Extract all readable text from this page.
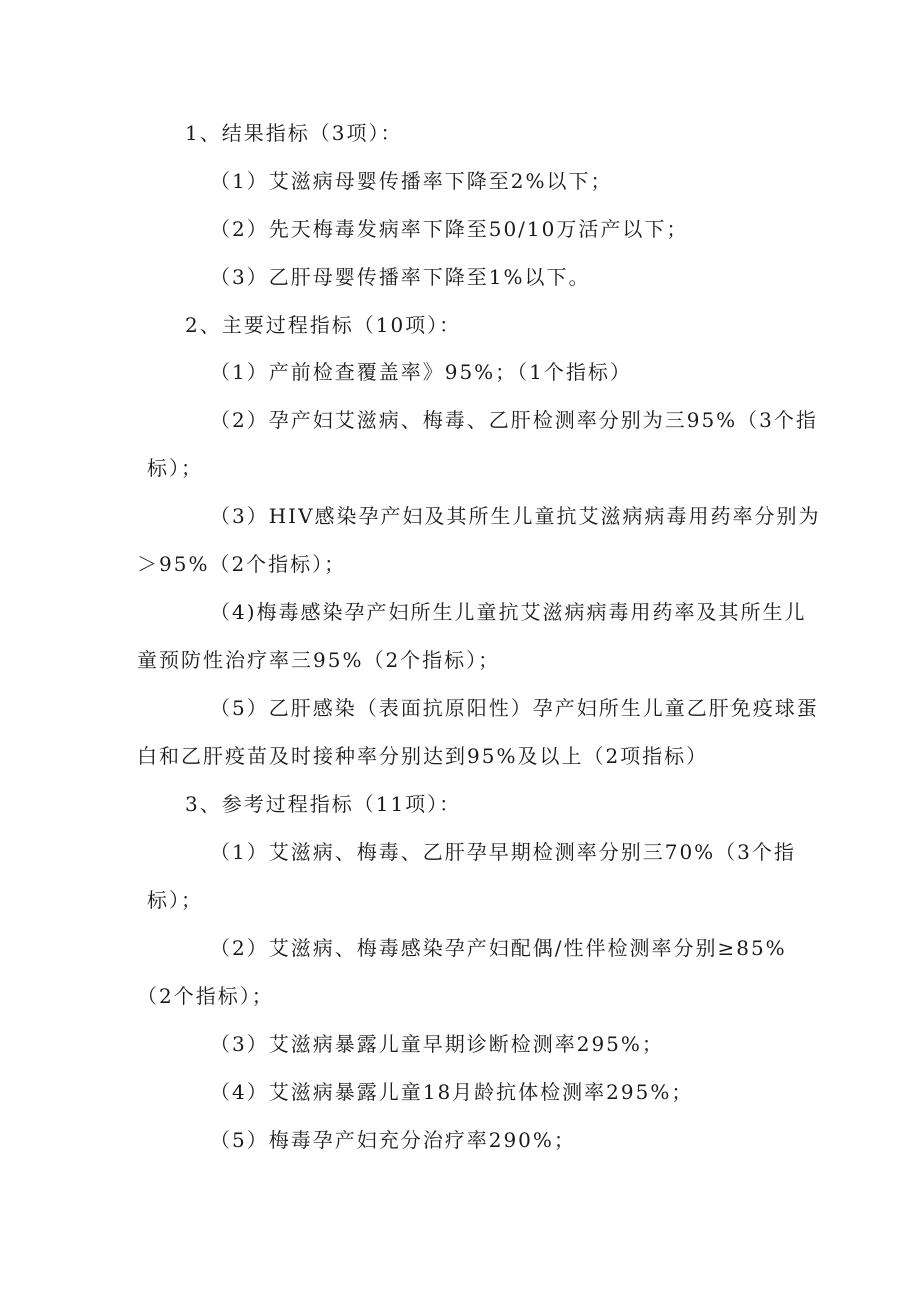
1、结果指标（3项）：
（1）艾滋病母婴传播率下降至2%以下；
（2）先天梅毒发病率下降至50/10万活产以下；
（3）乙肝母婴传播率下降至1%以下。
2、主要过程指标（10项）：
（1）产前检查覆盖率》95%；（1个指标）
（2）孕产妇艾滋病、梅毒、乙肝检测率分别为三95%（3个指
标）；
（3）HIV感染孕产妇及其所生儿童抗艾滋病病毒用药率分别为
＞95%（2个指标）；
（4)梅毒感染孕产妇所生儿童抗艾滋病病毒用药率及其所生儿
童预防性治疗率三95%（2个指标）；
（5）乙肝感染（表面抗原阳性）孕产妇所生儿童乙肝免疫球蛋
白和乙肝疫苗及时接种率分别达到95%及以上（2项指标）
3、参考过程指标（11项）：
（1）艾滋病、梅毒、乙肝孕早期检测率分别三70%（3个指
标）；
（2）艾滋病、梅毒感染孕产妇配偶/性伴检测率分别≥85%
（2个指标）；
（3）艾滋病暴露儿童早期诊断检测率295%；
（4）艾滋病暴露儿童18月龄抗体检测率295%；
（5）梅毒孕产妇充分治疗率290%；
